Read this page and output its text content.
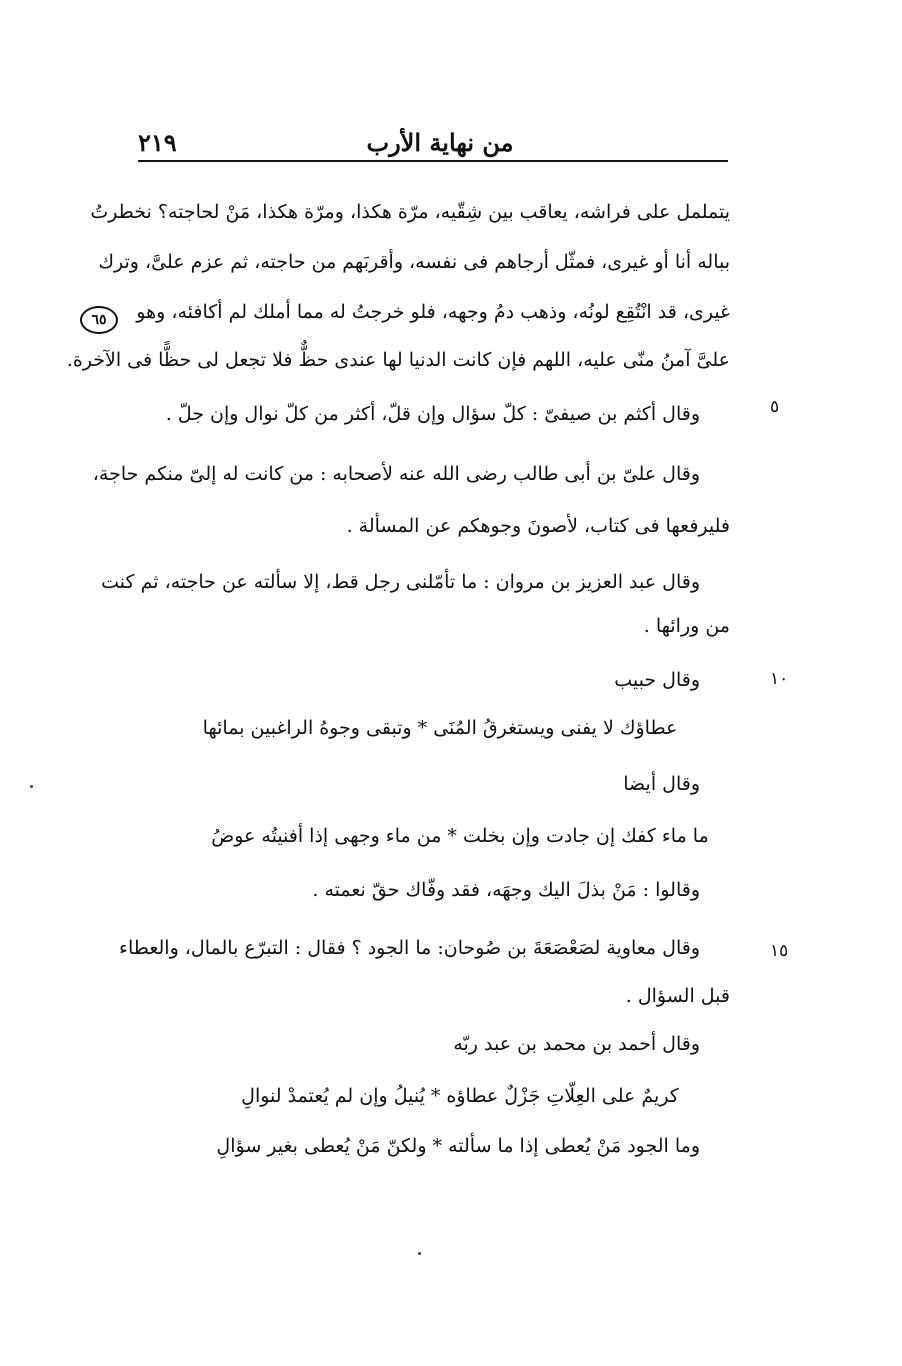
من نهاية الأرب
٢١٩
٦٥
٥
١٠
١٥
يتململ على فراشه، يعاقب بين شِقّيه، مرّة هكذا، ومرّة هكذا، مَنْ لحاجته؟ نخطرتُ
بباله أنا أو غيرى، فمثّل أرجاهم فى نفسه، وأقربَهم من حاجته، ثم عزم علىَّ، وترك
غيرى، قد انْتُقِع لونُه، وذهب دمُ وجهه، فلو خرجتُ له مما أملك لم أكافئه، وهو
علىَّ آمنُ منّى عليه، اللهم فإن كانت الدنيا لها عندى حظٌّ فلا تجعل لى حظًّا فى الآخرة.
وقال أكثم بن صيفىّ : كلّ سؤال وإن قلّ، أكثر من كلّ نوال وإن جلّ .
وقال علىّ بن أبى طالب رضى الله عنه لأصحابه : من كانت له إلىّ منكم حاجة،
فليرفعها فى كتاب، لأصونَ وجوهكم عن المسألة .
وقال عبد العزيز بن مروان : ما تأمّلنى رجل قط، إلا سألته عن حاجته، ثم كنت
من ورائها .
وقال حبيب
عطاؤك لا يفنى ويستغرقُ المُنَى * وتبقى وجوهُ الراغبين بمائها
وقال أيضا
ما ماء كفك إن جادت وإن بخلت * من ماء وجهى إذا أفنيتُه عوضُ
وقالوا : مَنْ بذلَ اليك وجهَه، فقد وفّاك حقّ نعمته .
وقال معاوية لصَعْصَعَةَ بن صُوحان: ما الجود ؟ فقال : التبرّع بالمال، والعطاء
قبل السؤال .
وقال أحمد بن محمد بن عبد ربّه
كريمٌ على العِلّاتِ جَزْلٌ عطاؤه * يُنيلُ وإن لم يُعتمدْ لنوالِ
وما الجود مَنْ يُعطى إذا ما سألته * ولكنّ مَنْ يُعطى بغير سؤالِ
